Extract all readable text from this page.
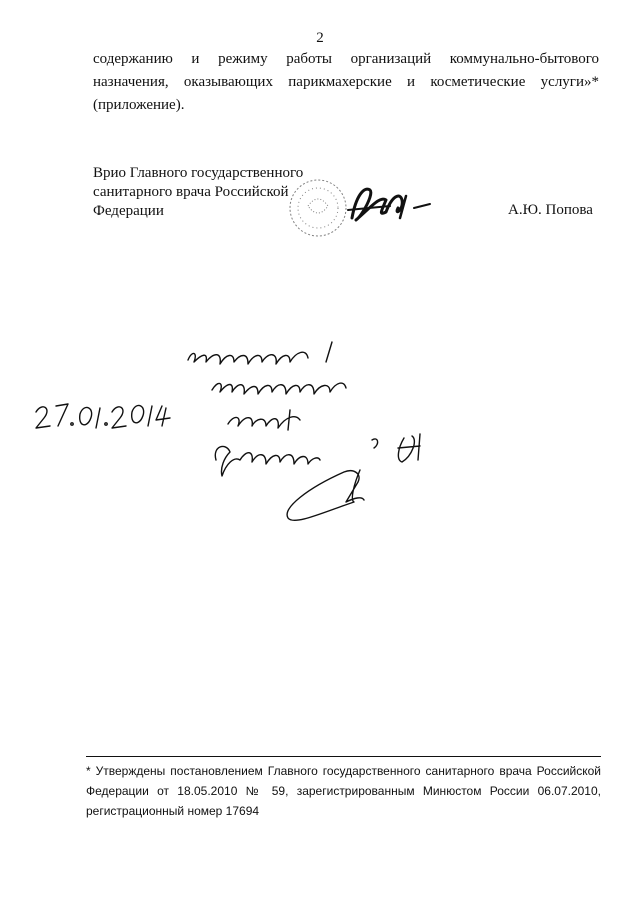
2
содержанию и режиму работы организаций коммунально-бытового
назначения, оказывающих парикмахерские и косметические услуги»*
(приложение).
Врио Главного государственного
санитарного врача Российской
Федерации	А.Ю. Попова
* Утверждены постановлением Главного государственного санитарного врача Российской
Федерации от 18.05.2010 № 59, зарегистрированным Минюстом России 06.07.2010,
регистрационный номер 17694
